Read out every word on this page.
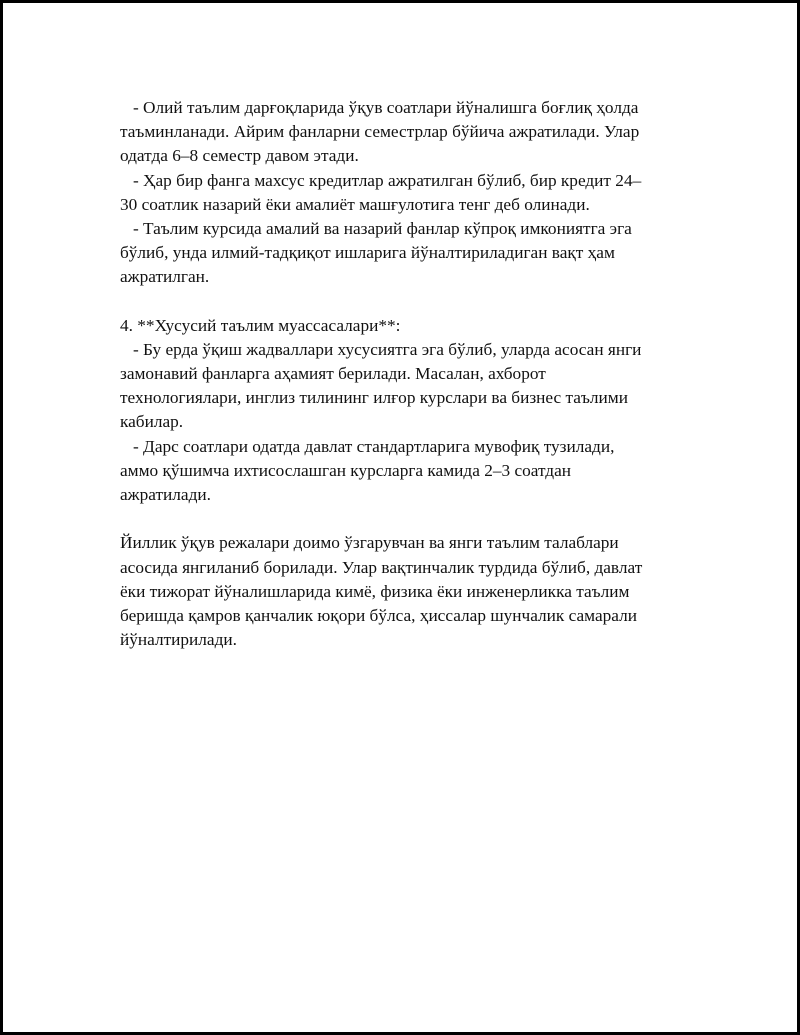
- Олий таълим дарғоқларида ўқув соатлари йўналишга боғлиқ ҳолда
таъминланади. Айрим фанларни семестрлар бўйича ажратилади. Улар
одатда 6–8 семестр давом этади.
- Ҳар бир фанга махсус кредитлар ажратилган бўлиб, бир кредит 24–
30 соатлик назарий ёки амалиёт машғулотига тенг деб олинади.
- Таълим курсида амалий ва назарий фанлар кўпроқ имкониятга эга
бўлиб, унда илмий-тадқиқот ишларига йўналтириладиган вақт ҳам
ажратилган.
4. **Хусусий таълим муассасалари**:
- Бу ерда ўқиш жадваллари хусусиятга эга бўлиб, уларда асосан янги
замонавий фанларга аҳамият берилади. Масалан, ахборот
технологиялари, инглиз тилининг илғор курслари ва бизнес таълими
кабилар.
- Дарс соатлари одатда давлат стандартларига мувофиқ тузилади,
аммо қўшимча ихтисослашган курсларга камида 2–3 соатдан
ажратилади.
Йиллик ўқув режалари доимо ўзгарувчан ва янги таълим талаблари
асосида янгиланиб борилади. Улар вақтинчалик турдида бўлиб, давлат
ёки тижорат йўналишларида кимё, физика ёки инженерликка таълим
беришда қамров қанчалик юқори бўлса, ҳиссалар шунчалик самарали
йўналтирилади.
